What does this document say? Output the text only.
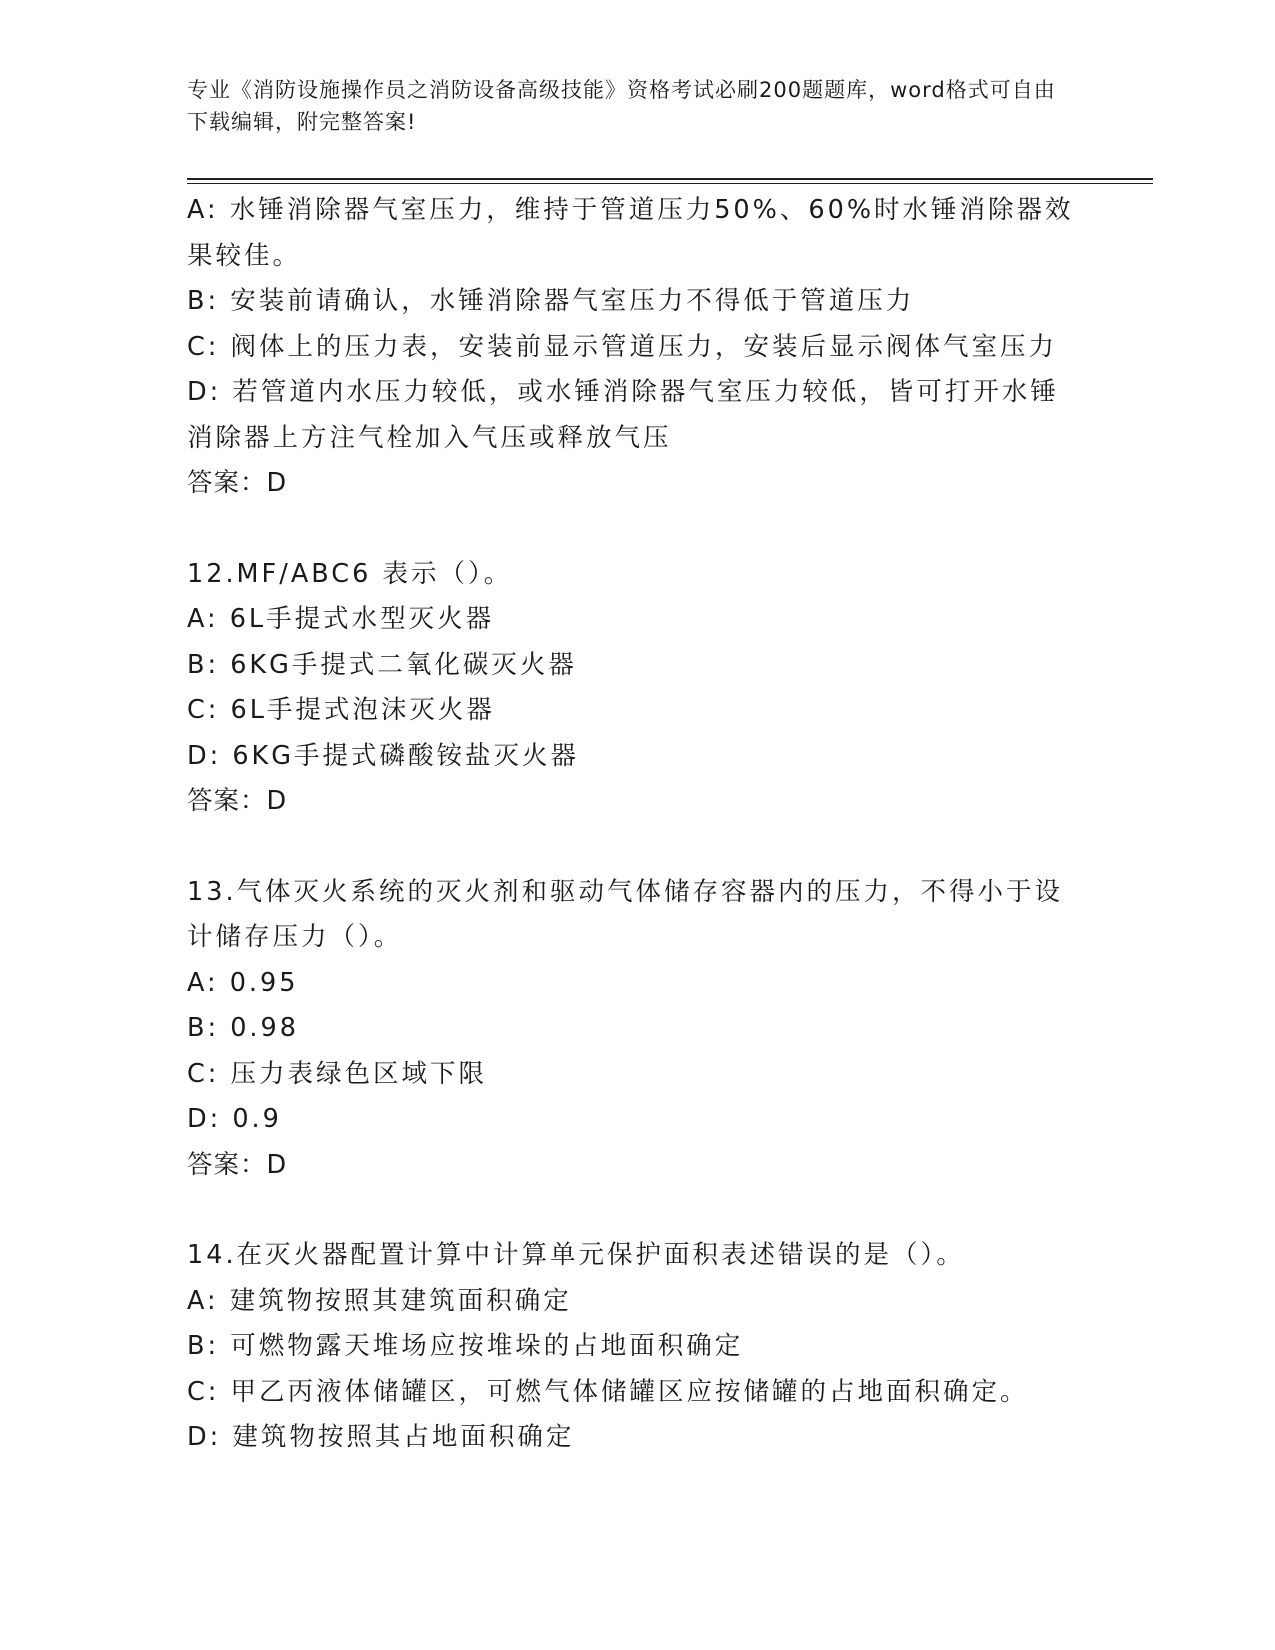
专业《消防设施操作员之消防设备高级技能》资格考试必刷200题题库，word格式可自由下载编辑，附完整答案!
A: 水锤消除器气室压力，维持于管道压力50%、60%时水锤消除器效果较佳。
B: 安装前请确认，水锤消除器气室压力不得低于管道压力
C: 阀体上的压力表，安装前显示管道压力，安装后显示阀体气室压力
D: 若管道内水压力较低，或水锤消除器气室压力较低，皆可打开水锤消除器上方注气栓加入气压或释放气压
答案：D
12.MF/ABC6 表示（）。
A: 6L手提式水型灭火器
B: 6KG手提式二氧化碳灭火器
C: 6L手提式泡沫灭火器
D: 6KG手提式磷酸铵盐灭火器
答案：D
13.气体灭火系统的灭火剂和驱动气体储存容器内的压力，不得小于设计储存压力（）。
A: 0.95
B: 0.98
C: 压力表绿色区域下限
D: 0.9
答案：D
14.在灭火器配置计算中计算单元保护面积表述错误的是（）。
A: 建筑物按照其建筑面积确定
B: 可燃物露天堆场应按堆垛的占地面积确定
C: 甲乙丙液体储罐区，可燃气体储罐区应按储罐的占地面积确定。
D: 建筑物按照其占地面积确定
